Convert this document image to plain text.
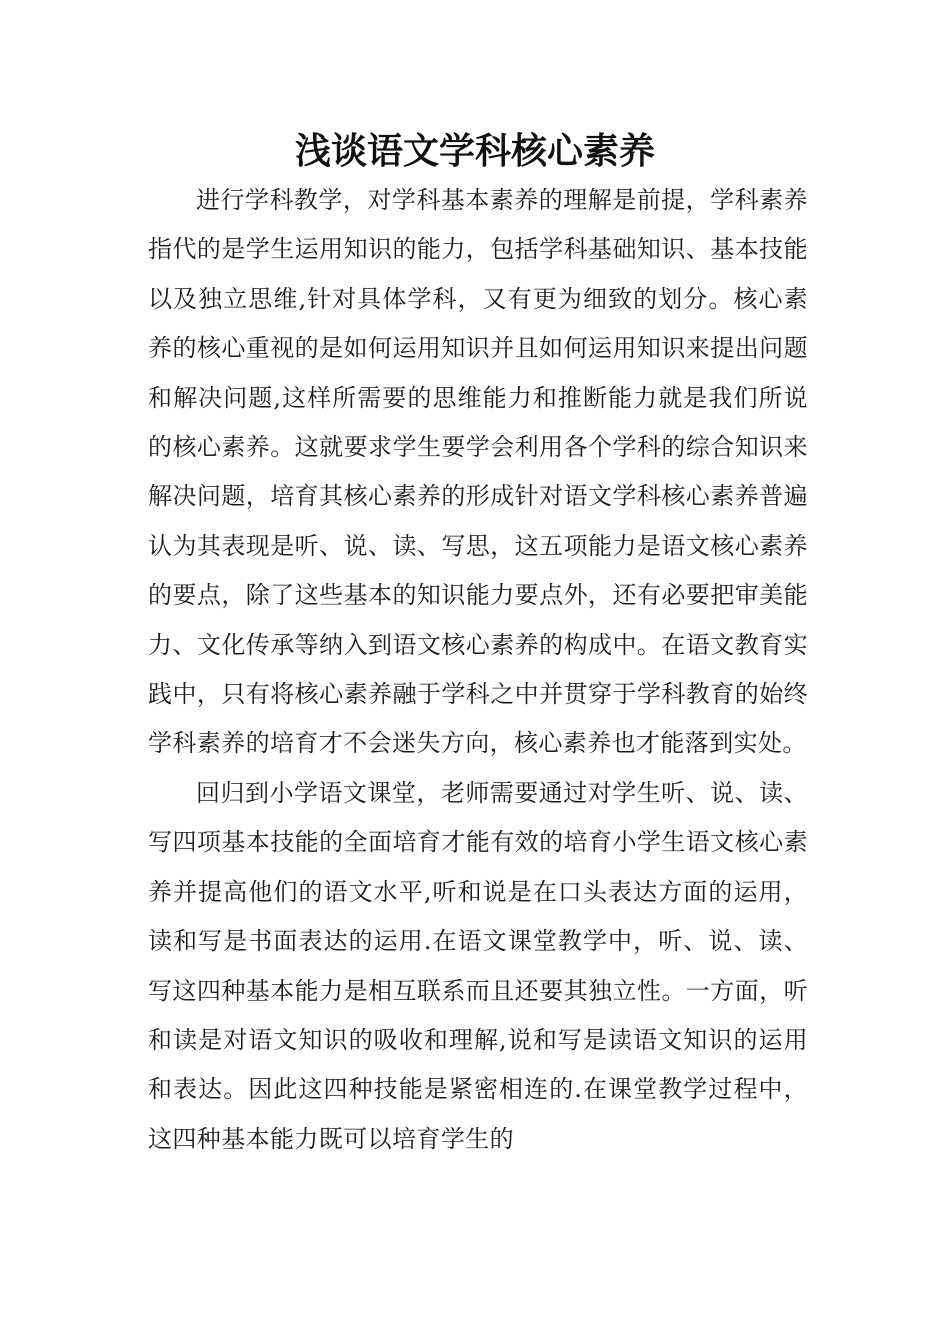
浅谈语文学科核心素养

进行学科教学，对学科基本素养的理解是前提，学科素养指代的是学生运用知识的能力，包括学科基础知识、基本技能以及独立思维,针对具体学科，又有更为细致的划分。核心素养的核心重视的是如何运用知识并且如何运用知识来提出问题和解决问题,这样所需要的思维能力和推断能力就是我们所说的核心素养。这就要求学生要学会利用各个学科的综合知识来解决问题，培育其核心素养的形成针对语文学科核心素养普遍认为其表现是听、说、读、写思，这五项能力是语文核心素养的要点，除了这些基本的知识能力要点外，还有必要把审美能力、文化传承等纳入到语文核心素养的构成中。在语文教育实践中，只有将核心素养融于学科之中并贯穿于学科教育的始终学科素养的培育才不会迷失方向，核心素养也才能落到实处。

回归到小学语文课堂，老师需要通过对学生听、说、读、写四项基本技能的全面培育才能有效的培育小学生语文核心素养并提高他们的语文水平,听和说是在口头表达方面的运用，读和写是书面表达的运用.在语文课堂教学中，听、说、读、写这四种基本能力是相互联系而且还要其独立性。一方面，听和读是对语文知识的吸收和理解,说和写是读语文知识的运用和表达。因此这四种技能是紧密相连的.在课堂教学过程中，这四种基本能力既可以培育学生的
